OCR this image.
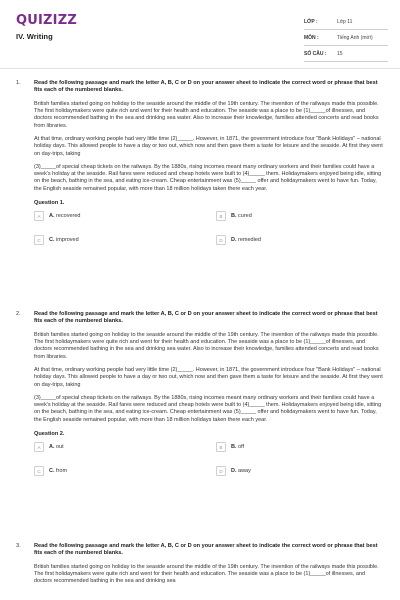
QUIZIZZ
IV. Writing
LỚP :	Lớp 11
MÔN :	Tiếng Anh (mới)
SỐ CÂU :	15
1. Read the following passage and mark the letter A, B, C or D on your answer sheet to indicate the correct word or phrase that best fits each of the numbered blanks.

British families started going on holiday to the seaside around the middle of the 19th century. The invention of the railways made this possible. The first holidaymakers were quite rich and went for their health and education. The seaside was a place to be (1)_____of illnesses, and doctors recommended bathing in the sea and drinking sea water. Also to increase their knowledge, families attended concerts and read books from libraries.

At that time, ordinary working people had very little time (2)_____. However, in 1871, the government introduce four "Bank Holidays" – national holiday days. This allowed people to have a day or two out, which now and then gave them a taste for leisure and the seaside. At first they went on day-trips, taking

(3)_____of special cheap tickets on the railways. By the 1880s, rising incomes meant many ordinary workers and their families could have a week's holiday at the seaside. Rail fares were reduced and cheap hotels were built to (4)_____ them. Holidaymakers enjoyed being idle, sitting on the beach, bathing in the sea, and eating ice-cream. Cheap entertainment was (5)_____ offer and holidaymakers went to have fun. Today, the English seaside remained popular, with more than 18 million holidays taken there each year.

Question 1.
A	A. recovered	B	B. cured
C	C. improved	D	D. remedied
2. Read the following passage and mark the letter A, B, C or D on your answer sheet to indicate the correct word or phrase that best fits each of the numbered blanks.

British families started going on holiday to the seaside around the middle of the 19th century. The invention of the railways made this possible. The first holidaymakers were quite rich and went for their health and education. The seaside was a place to be (1)_____of illnesses, and doctors recommended bathing in the sea and drinking sea water. Also to increase their knowledge, families attended concerts and read books from libraries.

At that time, ordinary working people had very little time (2)_____. However, in 1871, the government introduce four "Bank Holidays" – national holiday days. This allowed people to have a day or two out, which now and then gave them a taste for leisure and the seaside. At first they went on day-trips, taking

(3)_____of special cheap tickets on the railways. By the 1880s, rising incomes meant many ordinary workers and their families could have a week's holiday at the seaside. Rail fares were reduced and cheap hotels were built to (4)_____ them. Holidaymakers enjoyed being idle, sitting on the beach, bathing in the sea, and eating ice-cream. Cheap entertainment was (5)_____ offer and holidaymakers went to have fun. Today, the English seaside remained popular, with more than 18 million holidays taken there each year.

Question 2.
A	A. out	B	B. off
C	C. from	D	D. away
3. Read the following passage and mark the letter A, B, C or D on your answer sheet to indicate the correct word or phrase that best fits each of the numbered blanks.

British families started going on holiday to the seaside around the middle of the 19th century. The invention of the railways made this possible. The first holidaymakers were quite rich and went for their health and education. The seaside was a place to be (1)_____of illnesses, and doctors recommended bathing in the sea and drinking sea
